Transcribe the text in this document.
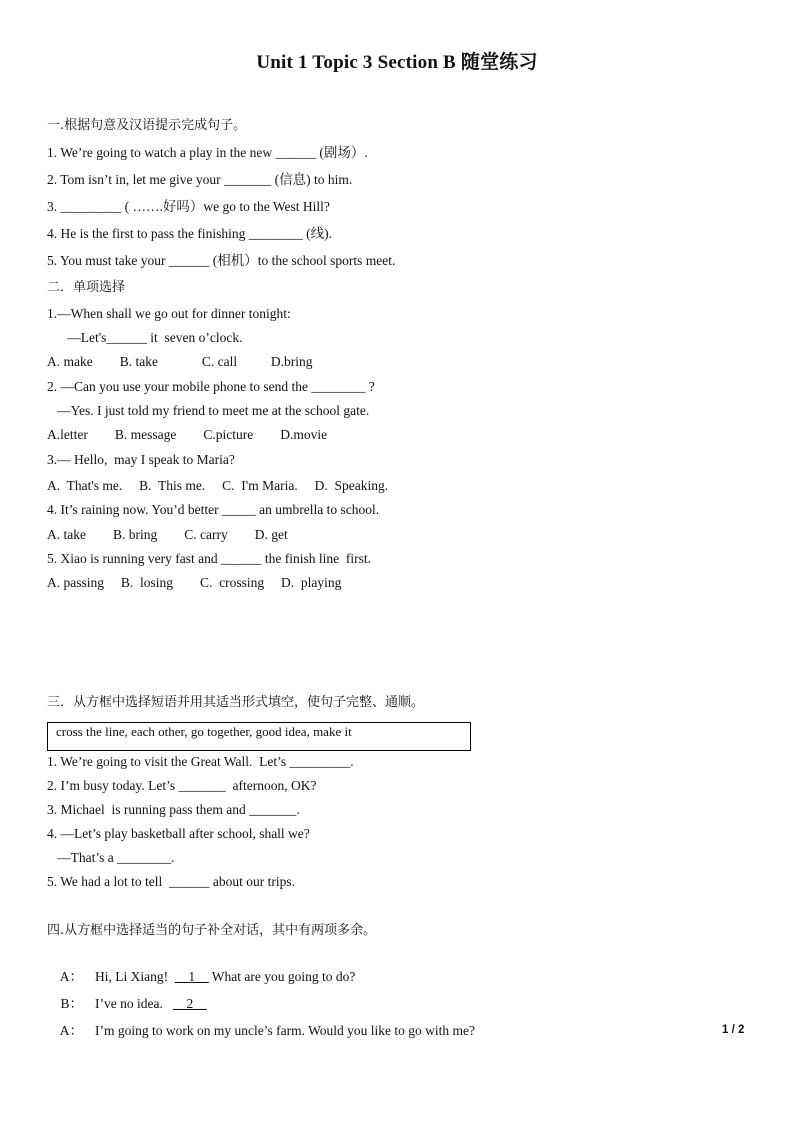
Unit 1 Topic 3 Section B 随堂练习
一.根据句意及汉语提示完成句子。
1. We’re going to watch a play in the new ______ (剧场）.
2. Tom isn’t in, let me give your _______ (信息) to him.
3. _________ ( …….好吗）we go to the West Hill?
4. He is the first to pass the finishing ________ (线).
5. You must take your ______ (相机）to the school sports meet.
二．单项选择
1.—When shall we go out for dinner tonight:
—Let's______ it  seven o’clock.
A. make        B. take             C. call          D.bring
2. —Can you use your mobile phone to send the ________ ?
—Yes. I just told my friend to meet me at the school gate.
A.letter        B. message        C.picture        D.movie
3.— Hello,  may I speak to Maria?
A.  That's me.     B.  This me.     C.  I'm Maria.     D.  Speaking.
4. It’s raining now. You’d better _____ an umbrella to school.
A. take        B. bring        C. carry        D. get
5. Xiao is running very fast and ______ the finish line  first.
A. passing     B.  losing        C.  crossing     D.  playing
三．从方框中选择短语并用其适当形式填空，使句子完整、通顺。
cross the line, each other, go together, good idea, make it
1. We’re going to visit the Great Wall.  Let’s _________.
2. I’m busy today. Let’s _______  afternoon, OK?
3. Michael  is running pass them and _______.
4. —Let’s play basketball after school, shall we?
—That’s a ________.
5. We had a lot to tell  ______ about our trips.
四.从方框中选择适当的句子补全对话，其中有两项多余。

A： Hi, Li Xiang!  __1__ What are you going to do?

B： I’ve no idea.   __2__

A： I’m going to work on my uncle’s farm. Would you like to go with me?
	1 / 2
